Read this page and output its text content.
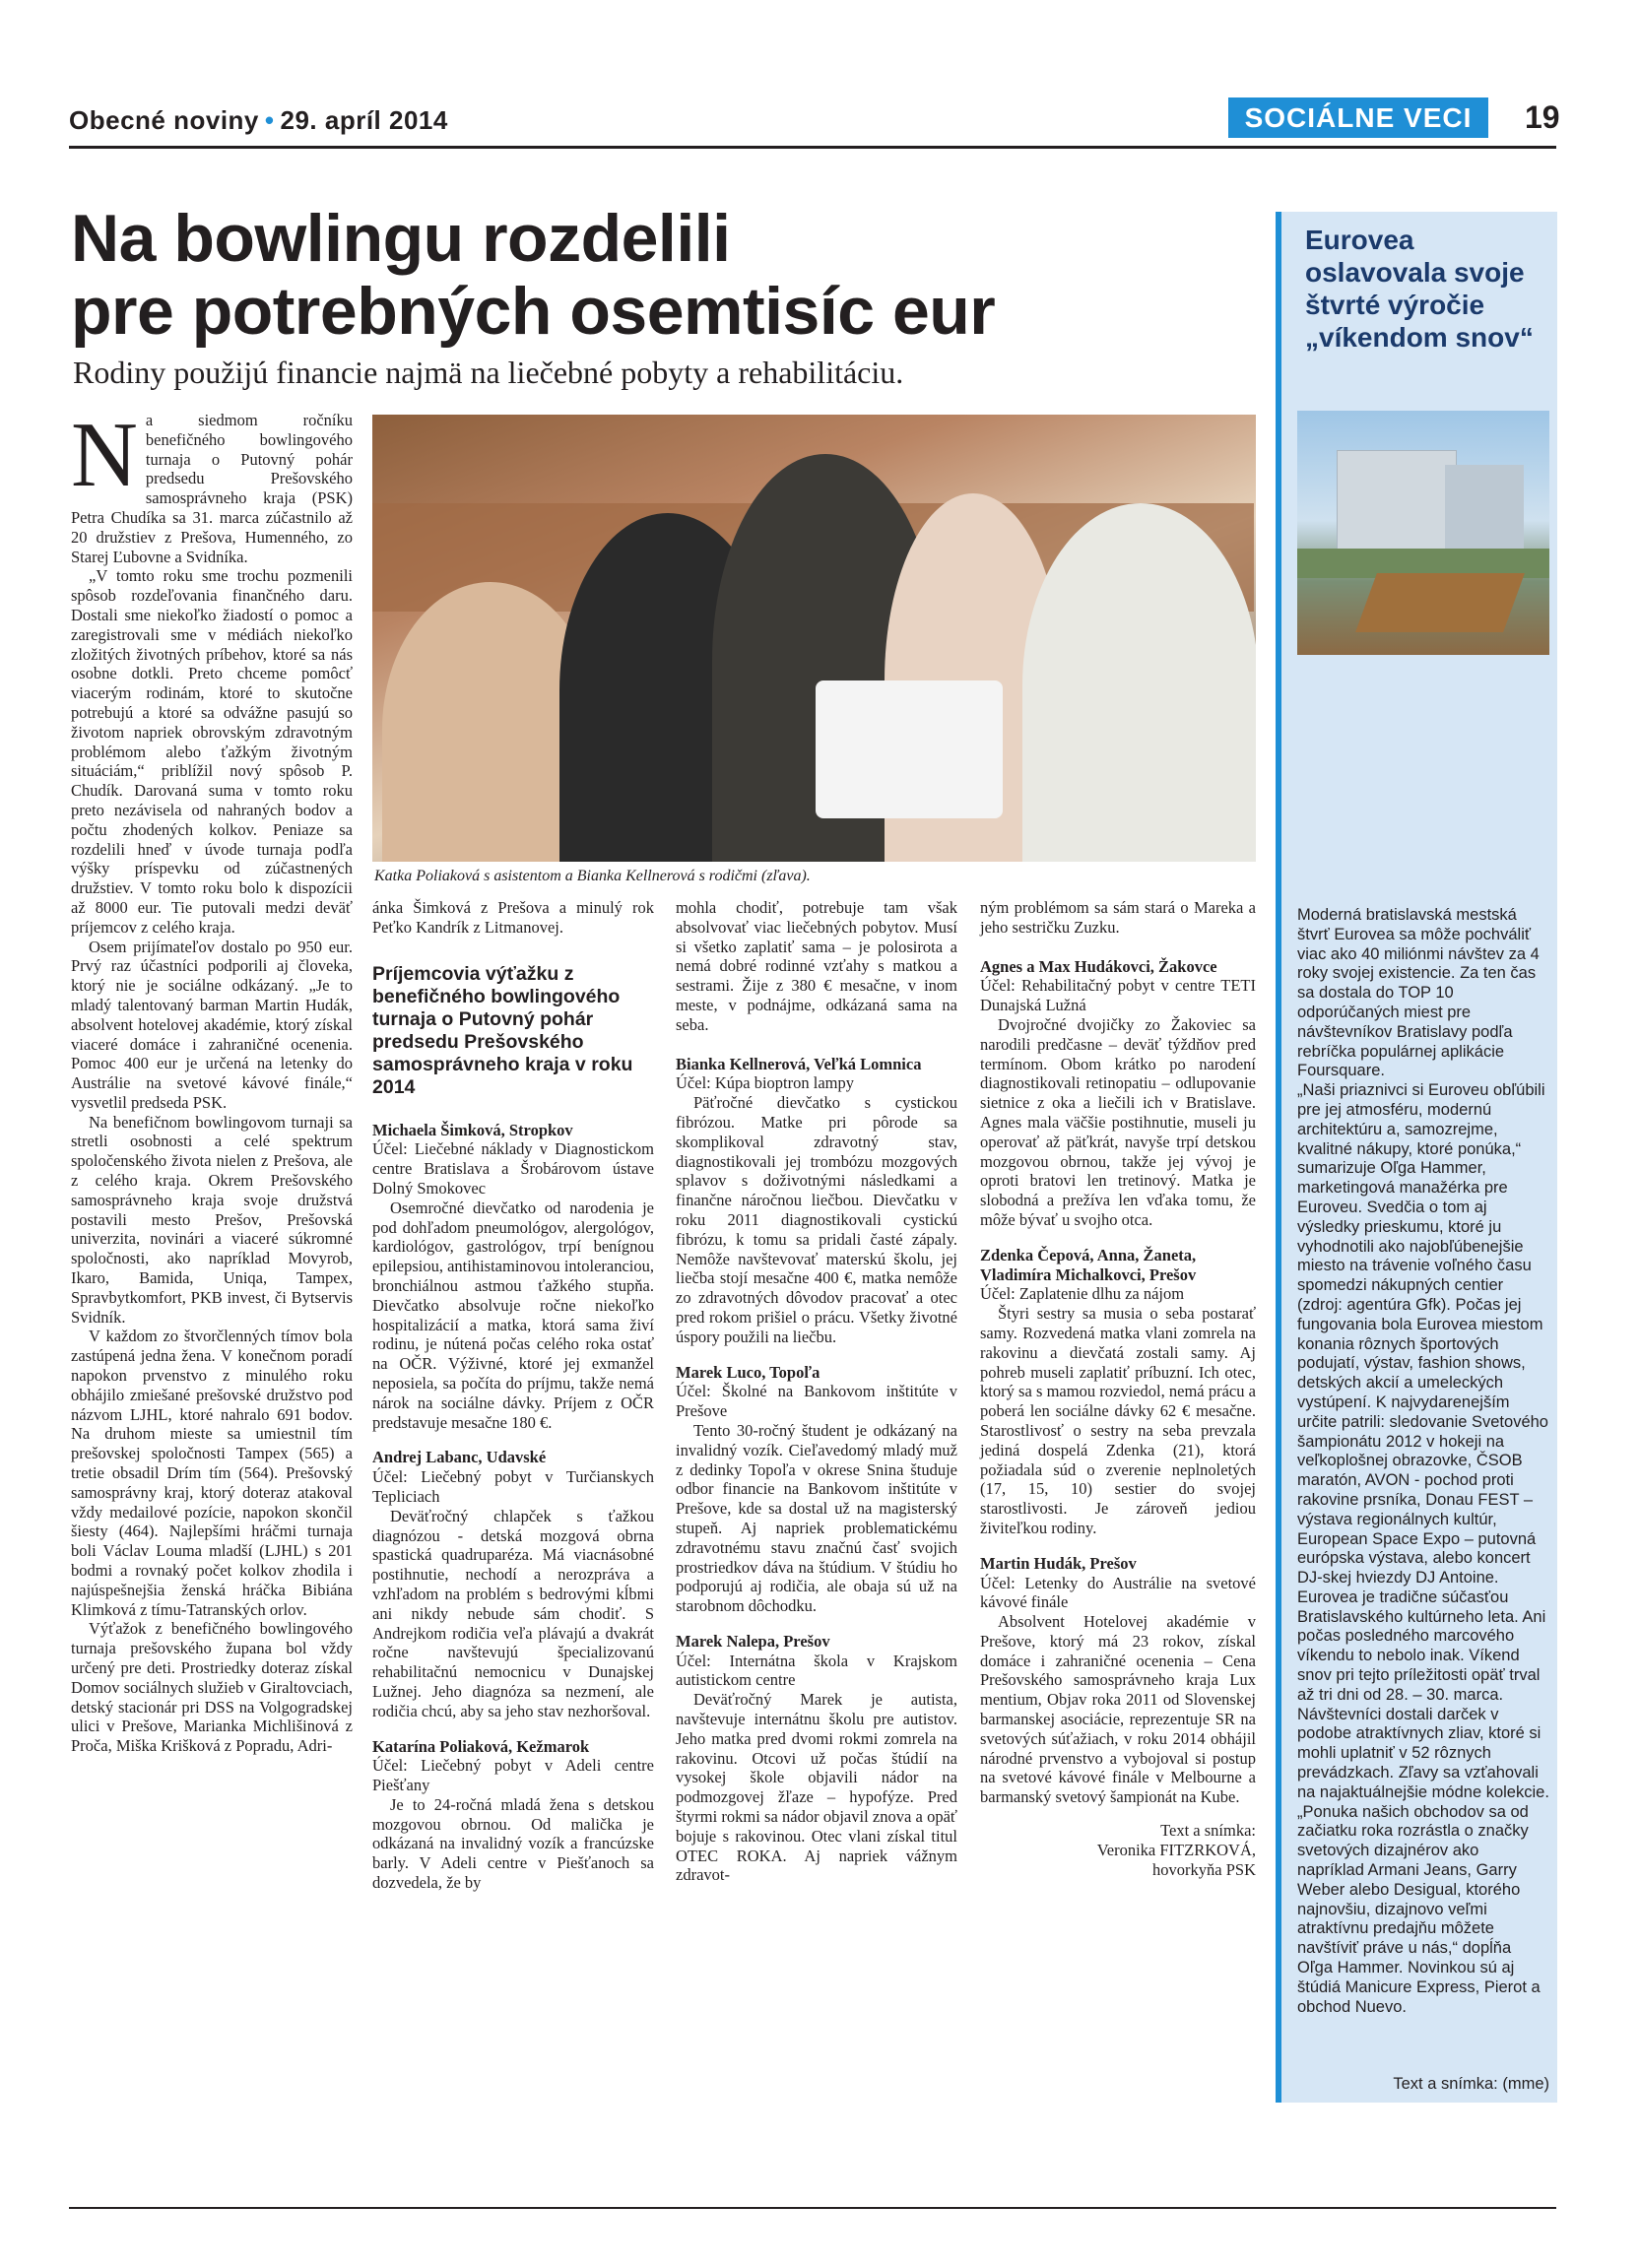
Obecné noviny • 29. apríl 2014	SOCIÁLNE VECI	19
Na bowlingu rozdelili
pre potrebných osemtisíc eur
Rodiny použijú financie najmä na liečebné pobyty a rehabilitáciu.
Katka Poliaková s asistentom a Bianka Kellnerová s rodičmi (zľava).

Na siedmom ročníku benefičného bowlingového turnaja o Putovný pohár predsedu Prešovského samosprávneho kraja (PSK) Petra Chudíka sa 31. marca zúčastnilo až 20 družstiev z Prešova, Humenného, zo Starej Ľubovne a Svidníka.

„V tomto roku sme trochu pozmenili spôsob rozdeľovania finančného daru. Dostali sme niekoľko žiadostí o pomoc a zaregistrovali sme v médiách niekoľko zložitých životných príbehov, ktoré sa nás osobne dotkli. Preto chceme pomôcť viacerým rodinám, ktoré to skutočne potrebujú a ktoré sa odvážne pasujú so životom napriek obrovským zdravotným problémom alebo ťažkým životným situáciám,“ priblížil nový spôsob P. Chudík. Darovaná suma v tomto roku preto nezávisela od nahraných bodov a počtu zhodených kolkov. Peniaze sa rozdelili hneď v úvode turnaja podľa výšky príspevku od zúčastnených družstiev. V tomto roku bolo k dispozícii až 8000 eur. Tie putovali medzi deväť príjemcov z celého kraja.

Osem prijímateľov dostalo po 950 eur. Prvý raz účastníci podporili aj človeka, ktorý nie je sociálne odkázaný. „Je to mladý talentovaný barman Martin Hudák, absolvent hotelovej akadémie, ktorý získal viaceré domáce i zahraničné ocenenia. Pomoc 400 eur je určená na letenky do Austrálie na svetové kávové finále,“ vysvetlil predseda PSK.

Na benefičnom bowlingovom turnaji sa stretli osobnosti a celé spektrum spoločenského života nielen z Prešova, ale z celého kraja. Okrem Prešovského samosprávneho kraja svoje družstvá postavili mesto Prešov, Prešovská univerzita, novinári a viaceré súkromné spoločnosti, ako napríklad Movyrob, Ikaro, Bamida, Uniqa, Tampex, Spravbytkomfort, PKB invest, či Bytservis Svidník.

V každom zo štvorčlenných tímov bola zastúpená jedna žena. V konečnom poradí napokon prvenstvo z minulého roku obhájilo zmiešané prešovské družstvo pod názvom LJHL, ktoré nahralo 691 bodov. Na druhom mieste sa umiestnil tím prešovskej spoločnosti Tampex (565) a tretie obsadil Drím tím (564). Prešovský samosprávny kraj, ktorý doteraz atakoval vždy medailové pozície, napokon skončil šiesty (464). Najlepšími hráčmi turnaja boli Václav Louma mladší (LJHL) s 201 bodmi a rovnaký počet kolkov zhodila i najúspešnejšia ženská hráčka Bibiána Klimková z tímu-Tatranských orlov.

Výťažok z benefičného bowlingového turnaja prešovského župana bol vždy určený pre deti. Prostriedky doteraz získal Domov sociálnych služieb v Giraltovciach, detský stacionár pri DSS na Volgogradskej ulici v Prešove, Marianka Michlišinová z Proča, Miška Krišková z Popradu, Adri-

ánka Šimková z Prešova a minulý rok Peťko Kandrík z Litmanovej.

Príjemcovia výťažku z benefičného bowlingového turnaja o Putovný pohár predsedu Prešovského samosprávneho kraja v roku 2014

Michaela Šimková, Stropkov

Účel: Liečebné náklady v Diagnostickom centre Bratislava a Šrobárovom ústave Dolný Smokovec

Osemročné dievčatko od narodenia je pod dohľadom pneumológov, alergológov, kardiológov, gastrológov, trpí benígnou epilepsiou, antihistaminovou intoleranciou, bronchiálnou astmou ťažkého stupňa. Dievčatko absolvuje ročne niekoľko hospitalizácií a matka, ktorá sama živí rodinu, je nútená počas celého roka ostať na OČR. Výživné, ktoré jej exmanžel neposiela, sa počíta do príjmu, takže nemá nárok na sociálne dávky. Príjem z OČR predstavuje mesačne 180 €.

Andrej Labanc, Udavské

Účel: Liečebný pobyt v Turčianskych Tepliciach

Deväťročný chlapček s ťažkou diagnózou - detská mozgová obrna spastická quadruparéza. Má viacnásobné postihnutie, nechodí a nerozpráva a vzhľadom na problém s bedrovými kĺbmi ani nikdy nebude sám chodiť. S Andrejkom rodičia veľa plávajú a dvakrát ročne navštevujú špecializovanú rehabilitačnú nemocnicu v Dunajskej Lužnej. Jeho diagnóza sa nezmení, ale rodičia chcú, aby sa jeho stav nezhoršoval.

Katarína Poliaková, Kežmarok

Účel: Liečebný pobyt v Adeli centre Piešťany

Je to 24-ročná mladá žena s detskou mozgovou obrnou. Od malička je odkázaná na invalidný vozík a francúzske barly. V Adeli centre v Piešťanoch sa dozvedela, že by

mohla chodiť, potrebuje tam však absolvovať viac liečebných pobytov. Musí si všetko zaplatiť sama – je polosirota a nemá dobré rodinné vzťahy s matkou a sestrami. Žije z 380 € mesačne, v inom meste, v podnájme, odkázaná sama na seba.

Bianka Kellnerová, Veľká Lomnica

Účel: Kúpa bioptron lampy

Päťročné dievčatko s cystickou fibrózou. Matke pri pôrode sa skomplikoval zdravotný stav, diagnostikovali jej trombózu mozgových splavov s doživotnými následkami a finančne náročnou liečbou. Dievčatku v roku 2011 diagnostikovali cystickú fibrózu, k tomu sa pridali časté zápaly. Nemôže navštevovať materskú školu, jej liečba stojí mesačne 400 €, matka nemôže zo zdravotných dôvodov pracovať a otec pred rokom prišiel o prácu. Všetky životné úspory použili na liečbu.

Marek Luco, Topoľa

Účel: Školné na Bankovom inštitúte v Prešove

Tento 30-ročný študent je odkázaný na invalidný vozík. Cieľavedomý mladý muž z dedinky Topoľa v okrese Snina študuje odbor financie na Bankovom inštitúte v Prešove, kde sa dostal už na magisterský stupeň. Aj napriek problematickému zdravotnému stavu značnú časť svojich prostriedkov dáva na štúdium. V štúdiu ho podporujú aj rodičia, ale obaja sú už na starobnom dôchodku.

Marek Nalepa, Prešov

Účel: Internátna škola v Krajskom autistickom centre

Deväťročný Marek je autista, navštevuje internátnu školu pre autistov. Jeho matka pred dvomi rokmi zomrela na rakovinu. Otcovi už počas štúdií na vysokej škole objavili nádor na podmozgovej žľaze – hypofýze. Pred štyrmi rokmi sa nádor objavil znova a opäť bojuje s rakovinou. Otec vlani získal titul OTEC ROKA. Aj napriek vážnym zdravot-

ným problémom sa sám stará o Mareka a jeho sestričku Zuzku.

Agnes a Max Hudákovci, Žakovce

Účel: Rehabilitačný pobyt v centre TETI Dunajská Lužná

Dvojročné dvojičky zo Žakoviec sa narodili predčasne – deväť týždňov pred termínom. Obom krátko po narodení diagnostikovali retinopatiu – odlupovanie sietnice z oka a liečili ich v Bratislave. Agnes mala väčšie postihnutie, museli ju operovať až päťkrát, navyše trpí detskou mozgovou obrnou, takže jej vývoj je oproti bratovi len tretinový. Matka je slobodná a prežíva len vďaka tomu, že môže bývať u svojho otca.

Zdenka Čepová, Anna, Žaneta, Vladimíra Michalkovci, Prešov

Účel: Zaplatenie dlhu za nájom

Štyri sestry sa musia o seba postarať samy. Rozvedená matka vlani zomrela na rakovinu a dievčatá zostali samy. Aj pohreb museli zaplatiť príbuzní. Ich otec, ktorý sa s mamou rozviedol, nemá prácu a poberá len sociálne dávky 62 € mesačne. Starostlivosť o sestry na seba prevzala jediná dospelá Zdenka (21), ktorá požiadala súd o zverenie neplnoletých (17, 15, 10) sestier do svojej starostlivosti. Je zároveň jediou živiteľkou rodiny.

Martin Hudák, Prešov

Účel: Letenky do Austrálie na svetové kávové finále

Absolvent Hotelovej akadémie v Prešove, ktorý má 23 rokov, získal domáce i zahraničné ocenenia – Cena Prešovského samosprávneho kraja Lux mentium, Objav roka 2011 od Slovenskej barmanskej asociácie, reprezentuje SR na svetových súťažiach, v roku 2014 obhájil národné prvenstvo a vybojoval si postup na svetové kávové finále v Melbourne a barmanský svetový šampionát na Kube.

Text a snímka:
Veronika FITZRKOVÁ,
hovorkyňa PSK
Eurovea oslavovala svoje štvrté výročie „víkendom snov“

Moderná bratislavská mestská štvrť Eurovea sa môže pochváliť viac ako 40 miliónmi návštev za 4 roky svojej existencie. Za ten čas sa dostala do TOP 10 odporúčaných miest pre návštevníkov Bratislavy podľa rebríčka populárnej aplikácie Foursquare.

„Naši priaznivci si Euroveu obľúbili pre jej atmosféru, modernú architektúru a, samozrejme, kvalitné nákupy, ktoré ponúka,“ sumarizuje Oľga Hammer, marketingová manažérka pre Euroveu. Svedčia o tom aj výsledky prieskumu, ktoré ju vyhodnotili ako najobľúbenejšie miesto na trávenie voľného času spomedzi nákupných centier (zdroj: agentúra Gfk). Počas jej fungovania bola Eurovea miestom konania rôznych športových podujatí, výstav, fashion shows, detských akcií a umeleckých vystúpení. K najvydarenejším určite patrili: sledovanie Svetového šampionátu 2012 v hokeji na veľkoplošnej obrazovke, ČSOB maratón, AVON - pochod proti rakovine prsníka, Donau FEST – výstava regionálnych kultúr, European Space Expo – putovná európska výstava, alebo koncert DJ-skej hviezdy DJ Antoine. Eurovea je tradične súčasťou Bratislavského kultúrneho leta. Ani počas posledného marcového víkendu to nebolo inak. Víkend snov pri tejto príležitosti opäť trval až tri dni od 28. – 30. marca. Návštevníci dostali darček v podobe atraktívnych zliav, ktoré si mohli uplatniť v 52 rôznych prevádzkach. Zľavy sa vzťahovali na najaktuálnejšie módne kolekcie.

„Ponuka našich obchodov sa od začiatku roka rozrástla o značky svetových dizajnérov ako napríklad Armani Jeans, Garry Weber alebo Desigual, ktorého najnovšiu, dizajnovo veľmi atraktívnu predajňu môžete navštíviť práve u nás,“ dopĺňa Oľga Hammer. Novinkou sú aj štúdiá Manicure Express, Pierot a obchod Nuevo.

Text a snímka: (mme)
